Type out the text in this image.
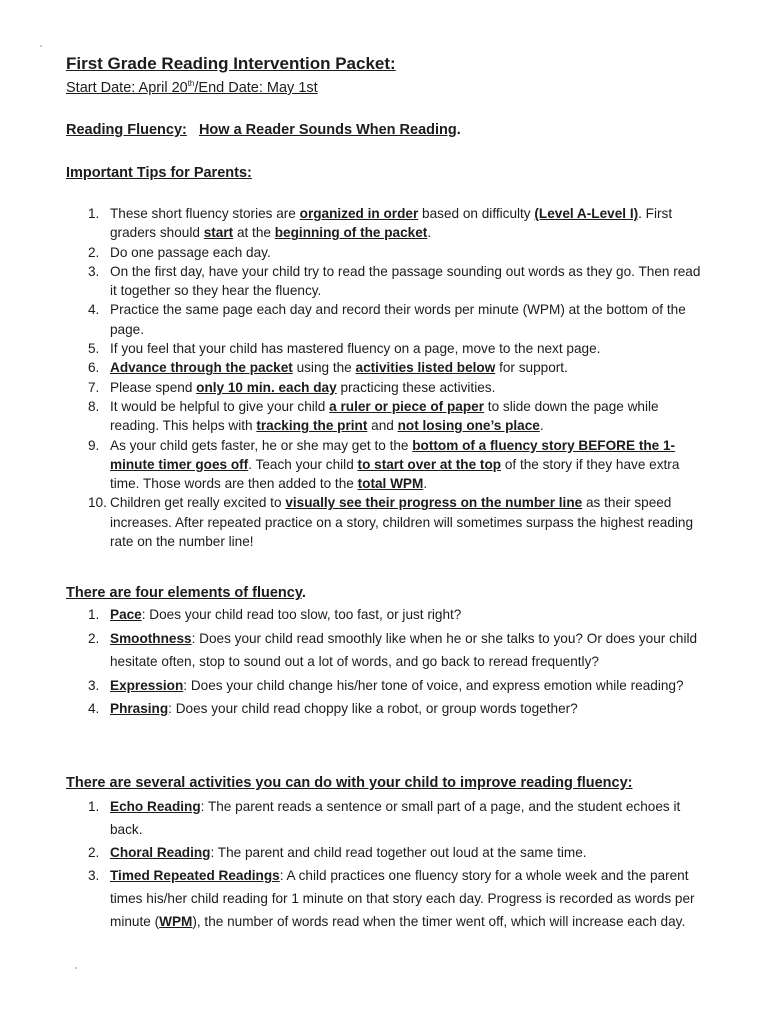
First Grade Reading Intervention Packet:
Start Date: April 20th/End Date: May 1st
Reading Fluency: How a Reader Sounds When Reading.
Important Tips for Parents:
1. These short fluency stories are organized in order based on difficulty (Level A-Level I). First graders should start at the beginning of the packet.
2. Do one passage each day.
3. On the first day, have your child try to read the passage sounding out words as they go. Then read it together so they hear the fluency.
4. Practice the same page each day and record their words per minute (WPM) at the bottom of the page.
5. If you feel that your child has mastered fluency on a page, move to the next page.
6. Advance through the packet using the activities listed below for support.
7. Please spend only 10 min. each day practicing these activities.
8. It would be helpful to give your child a ruler or piece of paper to slide down the page while reading. This helps with tracking the print and not losing one’s place.
9. As your child gets faster, he or she may get to the bottom of a fluency story BEFORE the 1-minute timer goes off. Teach your child to start over at the top of the story if they have extra time. Those words are then added to the total WPM.
10. Children get really excited to visually see their progress on the number line as their speed increases. After repeated practice on a story, children will sometimes surpass the highest reading rate on the number line!
There are four elements of fluency.
1. Pace: Does your child read too slow, too fast, or just right?
2. Smoothness: Does your child read smoothly like when he or she talks to you? Or does your child hesitate often, stop to sound out a lot of words, and go back to reread frequently?
3. Expression: Does your child change his/her tone of voice, and express emotion while reading?
4. Phrasing: Does your child read choppy like a robot, or group words together?
There are several activities you can do with your child to improve reading fluency:
1. Echo Reading: The parent reads a sentence or small part of a page, and the student echoes it back.
2. Choral Reading: The parent and child read together out loud at the same time.
3. Timed Repeated Readings: A child practices one fluency story for a whole week and the parent times his/her child reading for 1 minute on that story each day. Progress is recorded as words per minute (WPM), the number of words read when the timer went off, which will increase each day.
